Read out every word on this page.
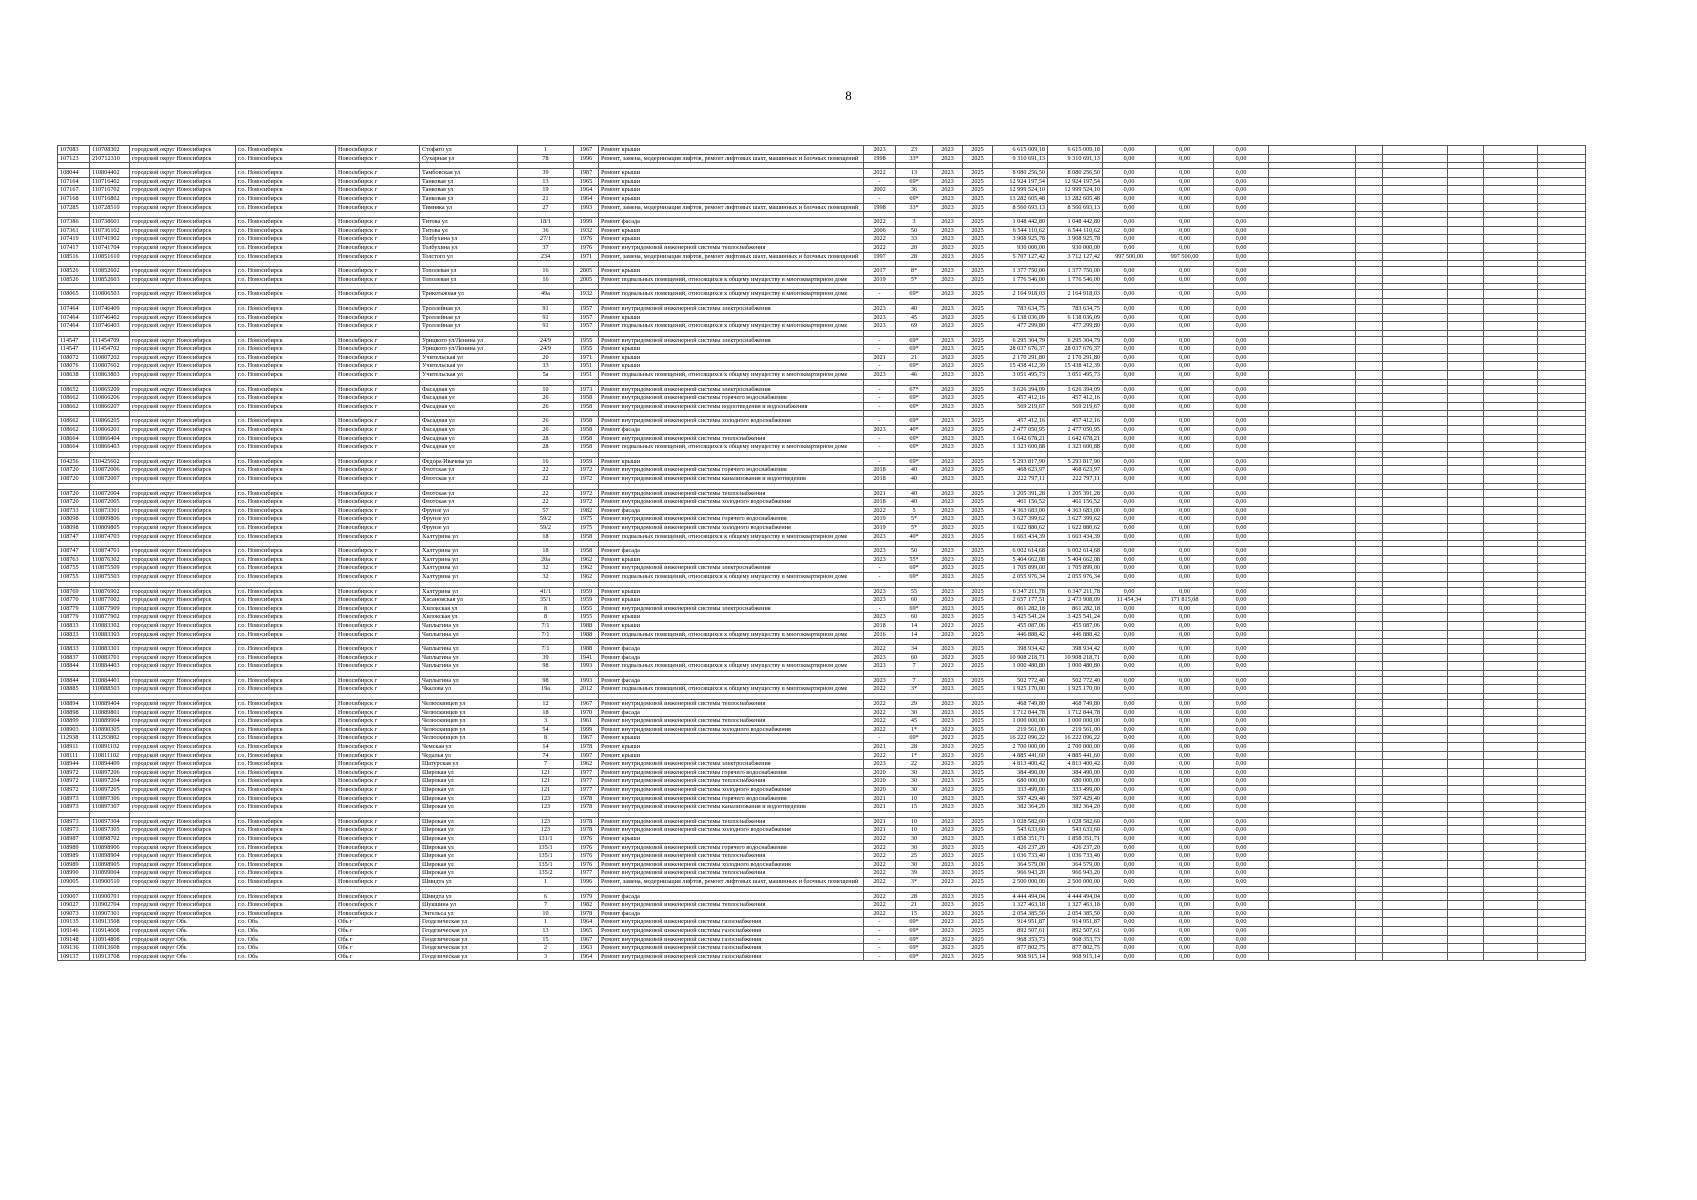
8
107083	110708302	городской округ Новосибирск	г.о. Новосибирск	Новосибирск г	Стофато ул	1	1967	Ремонт крыши	2023	23	2023	2025	6 615 009,18	6 615 009,18	0,00	0,00	0,00						
107123	210712310	городской округ Новосибирск	г.о. Новосибирск	Новосибирск г	Сухарная ул	78	1996	Ремонт, замена, модернизация лифтов, ремонт лифтовых шахт, машинных и блочных помещений	1998	33*	2023	2025	9 310 691,13	9 310 691,13	0,00	0,00	0,00						

108044	110804402	городской округ Новосибирск	г.о. Новосибирск	Новосибирск г	Тамбовская ул	39	1987	Ремонт крыши	2022	13	2023	2025	8 080 256,50	8 080 256,50	0,00	0,00	0,00						
107164	110716402	городской округ Новосибирск	г.о. Новосибирск	Новосибирск г	Танковая ул	13	1965	Ремонт крыши	-	69*	2023	2025	12 924 197,54	12 924 197,54	0,00	0,00	0,00						
107167	110716702	городской округ Новосибирск	г.о. Новосибирск	Новосибирск г	Танковая ул	19	1964	Ремонт крыши	2002	36	2023	2025	12 999 524,10	12 999 524,10	0,00	0,00	0,00						
107168	110716802	городской округ Новосибирск	г.о. Новосибирск	Новосибирск г	Танковая ул	21	1964	Ремонт крыши	-	69*	2023	2025	13 282 605,48	13 282 605,48	0,00	0,00	0,00						
107285	110728510	городской округ Новосибирск	г.о. Новосибирск	Новосибирск г	Тимняка ул	27	1993	Ремонт, замена, модернизация лифтов, ремонт лифтовых шахт, машинных и блочных помещений	1998	33*	2023	2025	8 560 693,13	8 560 693,13	0,00	0,00	0,00						

107386	110738601	городской округ Новосибирск	г.о. Новосибирск	Новосибирск г	Титова ул	18/1	1999	Ремонт фасада	2022	3	2023	2025	1 048 442,80	1 048 442,80	0,00	0,00	0,00						
107361	110736102	городской округ Новосибирск	г.о. Новосибирск	Новосибирск г	Титова ул	36	1932	Ремонт крыши	2006	50	2023	2025	6 544 110,62	6 544 110,62	0,00	0,00	0,00						
107419	110741902	городской округ Новосибирск	г.о. Новосибирск	Новосибирск г	Толбухина ул	27/1	1976	Ремонт крыши	2022	33	2023	2025	3 908 925,78	3 908 925,78	0,00	0,00	0,00						
107417	110741704	городской округ Новосибирск	г.о. Новосибирск	Новосибирск г	Толбухина ул	37	1976	Ремонт внутридомовой инженерной системы теплоснабжения	2022	20	2023	2025	930 000,00	930 000,00	0,00	0,00	0,00						
108516	110851610	городской округ Новосибирск	г.о. Новосибирск	Новосибирск г	Толстого ул	234	1971	Ремонт, замена, модернизация лифтов, ремонт лифтовых шахт, машинных и блочных помещений	1997	28	2023	2025	5 707 127,42	3 712 127,42	997 500,00	997 500,00	0,00						

108526	110852602	городской округ Новосибирск	г.о. Новосибирск	Новосибирск г	Тополевая ул	16	2005	Ремонт крыши	2017	8*	2023	2025	1 377 750,00	1 377 750,00	0,00	0,00	0,00						
108526	110852603	городской округ Новосибирск	г.о. Новосибирск	Новосибирск г	Тополевая ул	16	2005	Ремонт подвальных помещений, относящихся к общему имуществу в многоквартирном доме	2019	5*	2023	2025	1 776 546,00	1 776 546,00	0,00	0,00	0,00						

108065	110806503	городской округ Новосибирск	г.о. Новосибирск	Новосибирск г	Трикотажная ул	49а	1932	Ремонт подвальных помещений, относящихся к общему имуществу в многоквартирном доме	-	69*	2023	2025	2 164 918,03	2 164 918,03	0,00	0,00	0,00						

107464	110746409	городской округ Новосибирск	г.о. Новосибирск	Новосибирск г	Троллейная ул	91	1957	Ремонт внутридомовой инженерной системы электроснабжения	2023	40	2023	2025	783 634,75	783 634,75	0,00	0,00	0,00						
107464	110746402	городской округ Новосибирск	г.о. Новосибирск	Новосибирск г	Троллейная ул	91	1957	Ремонт крыши	2023	45	2023	2025	6 138 036,09	6 138 036,09	0,00	0,00	0,00						
107464	110746403	городской округ Новосибирск	г.о. Новосибирск	Новосибирск г	Троллейная ул	91	1957	Ремонт подвальных помещений, относящихся к общему имуществу в многоквартирном доме	2023	69	2023	2025	477 299,80	477 299,80	0,00	0,00	0,00						

114547	111454709	городской округ Новосибирск	г.о. Новосибирск	Новосибирск г	Урицкого ул/Ленина ул	24/9	1955	Ремонт внутридомовой инженерной системы электроснабжения	-	69*	2023	2025	6 295 304,79	6 295 304,79	0,00	0,00	0,00						
114547	111454702	городской округ Новосибирск	г.о. Новосибирск	Новосибирск г	Урицкого ул/Ленина ул	24/9	1955	Ремонт крыши	-	69*	2023	2025	28 037 676,37	28 037 676,37	0,00	0,00	0,00						
108072	110807202	городской округ Новосибирск	г.о. Новосибирск	Новосибирск г	Учительская ул	20	1971	Ремонт крыши	2021	21	2023	2025	2 170 291,80	2 170 291,80	0,00	0,00	0,00						
108076	110807602	городской округ Новосибирск	г.о. Новосибирск	Новосибирск г	Учительская ул	33	1951	Ремонт крыши	-	69*	2023	2025	15 438 412,39	15 438 412,39	0,00	0,00	0,00						
108638	110863803	городской округ Новосибирск	г.о. Новосибирск	Новосибирск г	Учительская ул	5а	1951	Ремонт подвальных помещений, относящихся к общему имуществу в многоквартирном доме	2023	46	2023	2025	3 051 495,73	3 051 495,73	0,00	0,00	0,00						

108652	110865209	городской округ Новосибирск	г.о. Новосибирск	Новосибирск г	Фасадная ул	10	1973	Ремонт внутридомовой инженерной системы электроснабжения	-	67*	2023	2025	3 626 394,09	3 626 394,09	0,00	0,00	0,00						
108662	110866206	городской округ Новосибирск	г.о. Новосибирск	Новосибирск г	Фасадная ул	26	1958	Ремонт внутридомовой инженерной системы горячего водоснабжения	-	69*	2023	2025	457 412,16	457 412,16	0,00	0,00	0,00						
108662	110866207	городской округ Новосибирск	г.о. Новосибирск	Новосибирск г	Фасадная ул	26	1958	Ремонт внутридомовой инженерной системы водоотведения и водоснабжения	-	69*	2023	2025	569 219,67	569 219,67	0,00	0,00	0,00						

108662	110866205	городской округ Новосибирск	г.о. Новосибирск	Новосибирск г	Фасадная ул	26	1958	Ремонт внутридомовой инженерной системы холодного водоснабжения	-	69*	2023	2025	457 412,16	457 412,16	0,00	0,00	0,00						
108662	110866201	городской округ Новосибирск	г.о. Новосибирск	Новосибирск г	Фасадная ул	26	1958	Ремонт фасада	2023	40*	2023	2025	2 477 050,95	2 477 050,95	0,00	0,00	0,00						
108664	110866404	городской округ Новосибирск	г.о. Новосибирск	Новосибирск г	Фасадная ул	28	1958	Ремонт внутридомовой инженерной системы теплоснабжения	-	69*	2023	2025	1 642 678,21	1 642 678,21	0,00	0,00	0,00						
108664	110866403	городской округ Новосибирск	г.о. Новосибирск	Новосибирск г	Фасадная ул	28	1958	Ремонт подвальных помещений, относящихся к общему имуществу в многоквартирном доме	-	69*	2023	2025	1 323 600,88	1 323 600,88	0,00	0,00	0,00						

104256	110425602	городской округ Новосибирск	г.о. Новосибирск	Новосибирск г	Федора Ивачева ул	16	1959	Ремонт крыши	-	69*	2023	2025	5 293 817,90	5 293 817,90	0,00	0,00	0,00						
108720	110872006	городской округ Новосибирск	г.о. Новосибирск	Новосибирск г	Флотская ул	22	1972	Ремонт внутридомовой инженерной системы горячего водоснабжения	2018	40	2023	2025	468 623,97	468 623,97	0,00	0,00	0,00						
108720	110872007	городской округ Новосибирск	г.о. Новосибирск	Новосибирск г	Флотская ул	22	1972	Ремонт внутридомовой инженерной системы канализования и водоотведения	2018	40	2023	2025	222 797,11	222 797,11	0,00	0,00	0,00						

108720	110872004	городской округ Новосибирск	г.о. Новосибирск	Новосибирск г	Флотская ул	22	1972	Ремонт внутридомовой инженерной системы теплоснабжения	2021	40	2023	2025	1 205 391,28	1 205 391,28	0,00	0,00	0,00						
108720	110872005	городской округ Новосибирск	г.о. Новосибирск	Новосибирск г	Флотская ул	22	1972	Ремонт внутридомовой инженерной системы холодного водоснабжения	2018	40	2023	2025	461 156,52	461 156,52	0,00	0,00	0,00						
108733	110873301	городской округ Новосибирск	г.о. Новосибирск	Новосибирск г	Фрунзе ул	57	1982	Ремонт фасада	2022	5	2023	2025	4 363 683,00	4 363 683,00	0,00	0,00	0,00						
108098	110809806	городской округ Новосибирск	г.о. Новосибирск	Новосибирск г	Фрунзе ул	59/2	1975	Ремонт внутридомовой инженерной системы горячего водоснабжения	2019	5*	2023	2025	3 627 399,62	3 627 399,62	0,00	0,00	0,00						
108098	110809805	городской округ Новосибирск	г.о. Новосибирск	Новосибирск г	Фрунзе ул	59/2	1975	Ремонт внутридомовой инженерной системы холодного водоснабжения	2019	5*	2023	2025	1 622 880,62	1 622 880,62	0,00	0,00	0,00						
108747	110874703	городской округ Новосибирск	г.о. Новосибирск	Новосибирск г	Халтурина ул	18	1958	Ремонт подвальных помещений, относящихся к общему имуществу в многоквартирном доме	2023	40*	2023	2025	1 663 434,39	1 663 434,39	0,00	0,00	0,00						

108747	110874701	городской округ Новосибирск	г.о. Новосибирск	Новосибирск г	Халтурина ул	18	1958	Ремонт фасада	2023	50	2023	2025	6 002 614,68	6 002 614,68	0,00	0,00	0,00						
108763	110876302	городской округ Новосибирск	г.о. Новосибирск	Новосибирск г	Халтурина ул	20а	1962	Ремонт крыши	2023	55*	2023	2025	5 404 662,08	5 404 662,08	0,00	0,00	0,00						
108755	110875509	городской округ Новосибирск	г.о. Новосибирск	Новосибирск г	Халтурина ул	32	1962	Ремонт внутридомовой инженерной системы электроснабжения	-	69*	2023	2025	1 705 899,00	1 705 899,00	0,00	0,00	0,00						
108755	110875503	городской округ Новосибирск	г.о. Новосибирск	Новосибирск г	Халтурина ул	32	1962	Ремонт подвальных помещений, относящихся к общему имуществу в многоквартирном доме	-	69*	2023	2025	2 055 976,34	2 055 976,34	0,00	0,00	0,00						

108769	110876902	городской округ Новосибирск	г.о. Новосибирск	Новосибирск г	Халтурина ул	41/1	1959	Ремонт крыши	2023	55	2023	2025	6 347 211,78	6 347 211,78	0,00	0,00	0,00						
108770	110877002	городской округ Новосибирск	г.о. Новосибирск	Новосибирск г	Хасановская ул	35/1	1959	Ремонт крыши	2023	60	2023	2025	2 657 177,51	2 473 908,09	11 454,34	171 815,08	0,00						
108779	110877909	городской округ Новосибирск	г.о. Новосибирск	Новосибирск г	Хилокская ул	8	1955	Ремонт внутридомовой инженерной системы электроснабжения	-	69*	2023	2025	861 282,18	861 282,18	0,00	0,00	0,00						
108779	110877902	городской округ Новосибирск	г.о. Новосибирск	Новосибирск г	Хилокская ул	8	1955	Ремонт крыши	2023	60	2023	2025	3 425 541,24	3 425 541,24	0,00	0,00	0,00						
108833	110883302	городской округ Новосибирск	г.о. Новосибирск	Новосибирск г	Чаплыгина ул	7/1	1988	Ремонт крыши	2018	14	2023	2025	455 087,06	455 087,06	0,00	0,00	0,00						
108833	110883303	городской округ Новосибирск	г.о. Новосибирск	Новосибирск г	Чаплыгина ул	7/1	1988	Ремонт подвальных помещений, относящихся к общему имуществу в многоквартирном доме	2016	14	2023	2025	446 888,42	446 888,42	0,00	0,00	0,00						

108833	110883301	городской округ Новосибирск	г.о. Новосибирск	Новосибирск г	Чаплыгина ул	7/1	1988	Ремонт фасада	2022	34	2023	2025	398 934,42	398 934,42	0,00	0,00	0,00						
108837	110883701	городской округ Новосибирск	г.о. Новосибирск	Новосибирск г	Чаплыгина ул	39	1941	Ремонт фасада	2023	60	2023	2025	10 908 218,71	10 908 218,71	0,00	0,00	0,00						
108844	110884403	городской округ Новосибирск	г.о. Новосибирск	Новосибирск г	Чаплыгина ул	98	1993	Ремонт подвальных помещений, относящихся к общему имуществу в многоквартирном доме	2023	7	2023	2025	1 000 480,80	1 000 480,80	0,00	0,00	0,00						

108844	110884401	городской округ Новосибирск	г.о. Новосибирск	Новосибирск г	Чаплыгина ул	98	1993	Ремонт фасада	2023	7	2023	2025	502 772,40	502 772,40	0,00	0,00	0,00						
108885	110888503	городской округ Новосибирск	г.о. Новосибирск	Новосибирск г	Чкалова ул	19а	2012	Ремонт подвальных помещений, относящихся к общему имуществу в многоквартирном доме	2022	3*	2023	2025	1 925 170,00	1 925 170,00	0,00	0,00	0,00						

108894	110889404	городской округ Новосибирск	г.о. Новосибирск	Новосибирск г	Челюскинцев ул	12	1967	Ремонт внутридомовой инженерной системы теплоснабжения	2022	29	2023	2025	468 749,80	468 749,80	0,00	0,00	0,00						
108898	110889801	городской округ Новосибирск	г.о. Новосибирск	Новосибирск г	Челюскинцев ул	18	1970	Ремонт фасада	2022	30	2023	2025	1 712 844,78	1 712 844,78	0,00	0,00	0,00						
108899	110889904	городской округ Новосибирск	г.о. Новосибирск	Новосибирск г	Челюскинцев ул	3	1961	Ремонт внутридомовой инженерной системы теплоснабжения	2022	45	2023	2025	1 000 000,00	1 000 000,00	0,00	0,00	0,00						
108903	110890305	городской округ Новосибирск	г.о. Новосибирск	Новосибирск г	Челюскинцев ул	54	1999	Ремонт внутридомовой инженерной системы холодного водоснабжения	2022	1*	2023	2025	219 561,00	219 561,00	0,00	0,00	0,00						
112938	111293802	городской округ Новосибирск	г.о. Новосибирск	Новосибирск г	Челюскинцев ул	8	1967	Ремонт крыши	-	69*	2023	2025	16 222 096,22	16 222 096,22	0,00	0,00	0,00						
108911	110891102	городской округ Новосибирск	г.о. Новосибирск	Новосибирск г	Чемская ул	14	1978	Ремонт крыши	2021	28	2023	2025	2 700 000,00	2 700 000,00	0,00	0,00	0,00						
108111	110811102	городской округ Новосибирск	г.о. Новосибирск	Новосибирск г	Чедалья ул	74	1997	Ремонт крыши	2022	1*	2023	2025	4 885 441,60	4 885 441,60	0,00	0,00	0,00						
108944	110894409	городской округ Новосибирск	г.о. Новосибирск	Новосибирск г	Шатурская ул	7	1962	Ремонт внутридомовой инженерной системы электроснабжения	2023	22	2023	2025	4 813 400,42	4 813 400,42	0,00	0,00	0,00						
108972	110897206	городской округ Новосибирск	г.о. Новосибирск	Новосибирск г	Широкая ул	121	1977	Ремонт внутридомовой инженерной системы горячего водоснабжения	2020	30	2023	2025	384 490,00	384 490,00	0,00	0,00	0,00						
108972	110897204	городской округ Новосибирск	г.о. Новосибирск	Новосибирск г	Широкая ул	121	1977	Ремонт внутридомовой инженерной системы теплоснабжения	2020	30	2023	2025	680 000,00	680 000,00	0,00	0,00	0,00						
108972	110897205	городской округ Новосибирск	г.о. Новосибирск	Новосибирск г	Широкая ул	121	1977	Ремонт внутридомовой инженерной системы холодного водоснабжения	2020	30	2023	2025	333 499,00	333 499,00	0,00	0,00	0,00						
108973	110897306	городской округ Новосибирск	г.о. Новосибирск	Новосибирск г	Широкая ул	123	1978	Ремонт внутридомовой инженерной системы горячего водоснабжения	2021	10	2023	2025	597 429,40	597 429,40	0,00	0,00	0,00						
108973	110897307	городской округ Новосибирск	г.о. Новосибирск	Новосибирск г	Широкая ул	123	1978	Ремонт внутридомовой инженерной системы канализования и водоотведения	2021	15	2023	2025	382 364,20	382 364,20	0,00	0,00	0,00						

108973	110897304	городской округ Новосибирск	г.о. Новосибирск	Новосибирск г	Широкая ул	123	1978	Ремонт внутридомовой инженерной системы теплоснабжения	2021	10	2023	2025	1 028 582,60	1 028 582,60	0,00	0,00	0,00						
108973	110897305	городской округ Новосибирск	г.о. Новосибирск	Новосибирск г	Широкая ул	123	1978	Ремонт внутридомовой инженерной системы холодного водоснабжения	2021	10	2023	2025	543 633,60	543 633,60	0,00	0,00	0,00						
108987	110898702	городской округ Новосибирск	г.о. Новосибирск	Новосибирск г	Широкая ул	131/1	1976	Ремонт крыши	2022	30	2023	2025	1 858 351,71	1 858 351,71	0,00	0,00	0,00						
108989	110898906	городской округ Новосибирск	г.о. Новосибирск	Новосибирск г	Широкая ул	135/1	1976	Ремонт внутридомовой инженерной системы горячего водоснабжения	2022	30	2023	2025	426 237,20	426 237,20	0,00	0,00	0,00						
108989	110898904	городской округ Новосибирск	г.о. Новосибирск	Новосибирск г	Широкая ул	135/1	1976	Ремонт внутридомовой инженерной системы теплоснабжения	2022	25	2023	2025	1 036 733,40	1 036 733,40	0,00	0,00	0,00						
108989	110898905	городской округ Новосибирск	г.о. Новосибирск	Новосибирск г	Широкая ул	135/1	1976	Ремонт внутридомовой инженерной системы холодного водоснабжения	2022	30	2023	2025	364 579,00	364 579,00	0,00	0,00	0,00						
108990	110899004	городской округ Новосибирск	г.о. Новосибирск	Новосибирск г	Широкая ул	135/2	1977	Ремонт внутридомовой инженерной системы теплоснабжения	2022	39	2023	2025	966 943,20	966 943,20	0,00	0,00	0,00						
109005	110900510	городской округ Новосибирск	г.о. Новосибирск	Новосибирск г	Шмидта ул	1	1996	Ремонт, замена, модернизация лифтов, ремонт лифтовых шахт, машинных и блочных помещений	2022	3*	2023	2025	2 500 000,00	2 500 000,00	0,00	0,00	0,00						

109007	110900701	городской округ Новосибирск	г.о. Новосибирск	Новосибирск г	Шмидта ул	6	1979	Ремонт фасада	2022	28	2023	2025	4 444 494,04	4 444 494,04	0,00	0,00	0,00						
109027	110902704	городской округ Новосибирск	г.о. Новосибирск	Новосибирск г	Шукшина ул	7	1982	Ремонт внутридомовой инженерной системы теплоснабжения	2022	21	2023	2025	1 327 463,18	1 327 463,18	0,00	0,00	0,00						
109073	110907301	городской округ Новосибирск	г.о. Новосибирск	Новосибирск г	Энгельса ул	10	1978	Ремонт фасада	2022	15	2023	2025	2 054 385,50	2 054 385,50	0,00	0,00	0,00						
109135	110913508	городской округ Обь	г.о. Обь	Обь г	Геодезическая ул	1	1964	Ремонт внутридомовой инженерной системы газоснабжения	-	69*	2023	2025	914 951,87	914 951,87	0,00	0,00	0,00						
109146	110914608	городской округ Обь	г.о. Обь	Обь г	Геодезическая ул	13	1965	Ремонт внутридомовой инженерной системы газоснабжения	-	69*	2023	2025	892 507,61	892 507,61	0,00	0,00	0,00						
109148	110914808	городской округ Обь	г.о. Обь	Обь г	Геодезическая ул	15	1967	Ремонт внутридомовой инженерной системы газоснабжения	-	69*	2023	2025	968 353,73	968 353,73	0,00	0,00	0,00						
109136	110913608	городской округ Обь	г.о. Обь	Обь г	Геодезическая ул	2	1963	Ремонт внутридомовой инженерной системы газоснабжения	-	69*	2023	2025	877 802,75	877 802,75	0,00	0,00	0,00						
109137	110913708	городской округ Обь	г.о. Обь	Обь г	Геодезическая ул	3	1964	Ремонт внутридомовой инженерной системы газоснабжения	-	69*	2023	2025	908 915,14	908 915,14	0,00	0,00	0,00						
